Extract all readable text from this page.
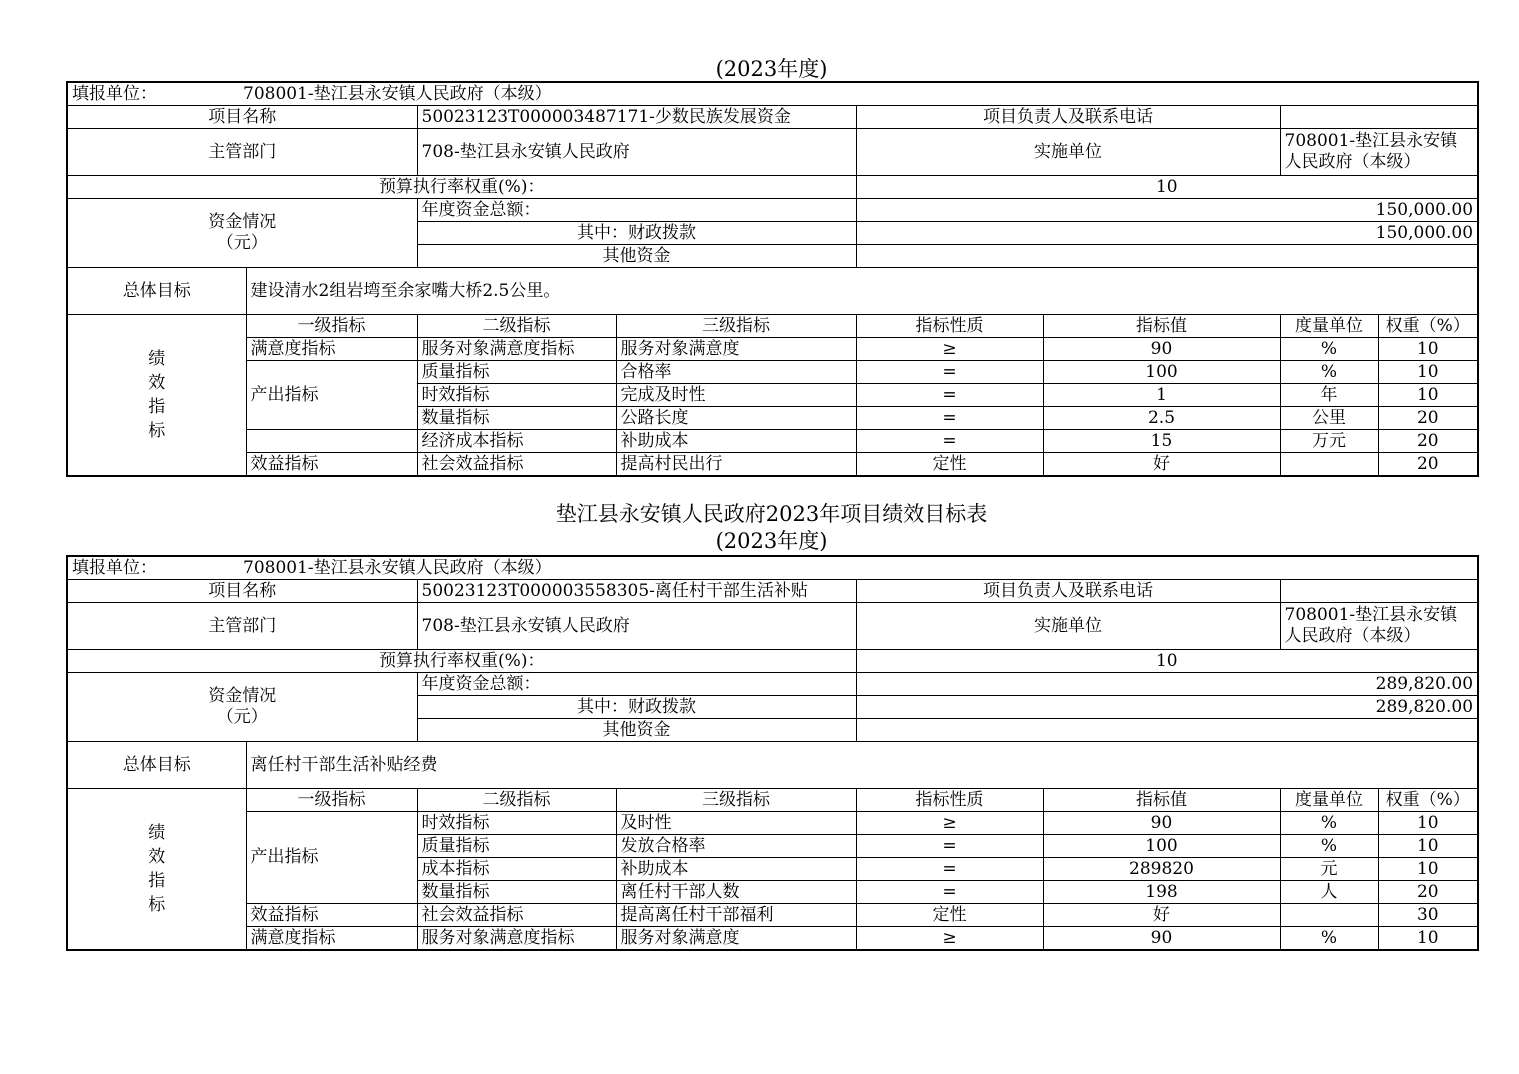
(2023年度)
填报单位： 708001-垫江县永安镇人民政府（本级）							
项目名称		50023123T000003487171-少数民族发展资金		项目负责人及联系电话			
主管部门		708-垫江县永安镇人民政府		实施单位		708001-垫江县永安镇人民政府（本级）	
预算执行率权重(%)：				10			

资金情况
（元）		年度资金总额：		150,000.00			
		其中：财政拨款		150,000.00			
		其他资金					
总体目标	建设清水2组岩塆至余家嘴大桥2.5公里。						

绩效指标	一级指标	二级指标	三级指标	指标性质	指标值	度量单位	权重（%）
	满意度指标	服务对象满意度指标	服务对象满意度	≥	90	%	10
	产出指标	质量指标	合格率	=	100	%	10
		时效指标	完成及时性	=	1	年	10
		数量指标	公路长度	=	2.5	公里	20
		经济成本指标	补助成本	=	15	万元	20
	效益指标	社会效益指标	提高村民出行	定性	好		20
垫江县永安镇人民政府2023年项目绩效目标表
(2023年度)
填报单位： 708001-垫江县永安镇人民政府（本级）							
项目名称		50023123T000003558305-离任村干部生活补贴		项目负责人及联系电话			
主管部门		708-垫江县永安镇人民政府		实施单位		708001-垫江县永安镇人民政府（本级）	
预算执行率权重(%)：				10			

资金情况
（元）		年度资金总额：		289,820.00			
		其中：财政拨款		289,820.00			
		其他资金					
总体目标	离任村干部生活补贴经费						

绩效指标	一级指标	二级指标	三级指标	指标性质	指标值	度量单位	权重（%）
	产出指标	时效指标	及时性	≥	90	%	10
		质量指标	发放合格率	=	100	%	10
		成本指标	补助成本	=	289820	元	10
		数量指标	离任村干部人数	=	198	人	20
	效益指标	社会效益指标	提高离任村干部福利	定性	好		30
	满意度指标	服务对象满意度指标	服务对象满意度	≥	90	%	10
